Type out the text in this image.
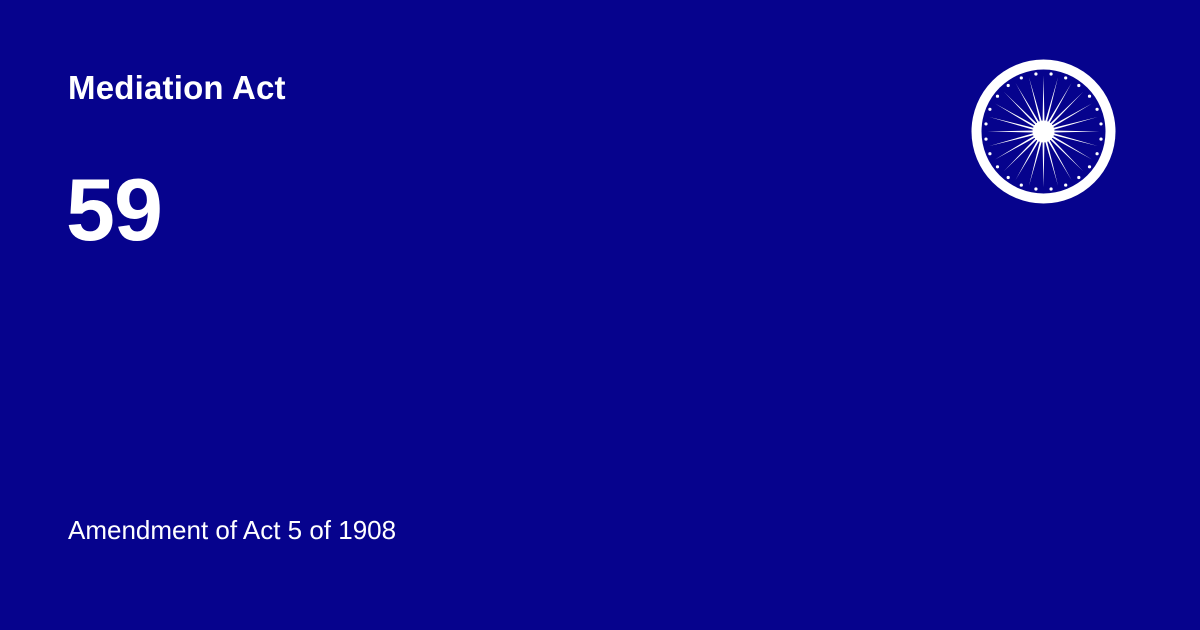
Mediation Act
59
Amendment of Act 5 of 1908
